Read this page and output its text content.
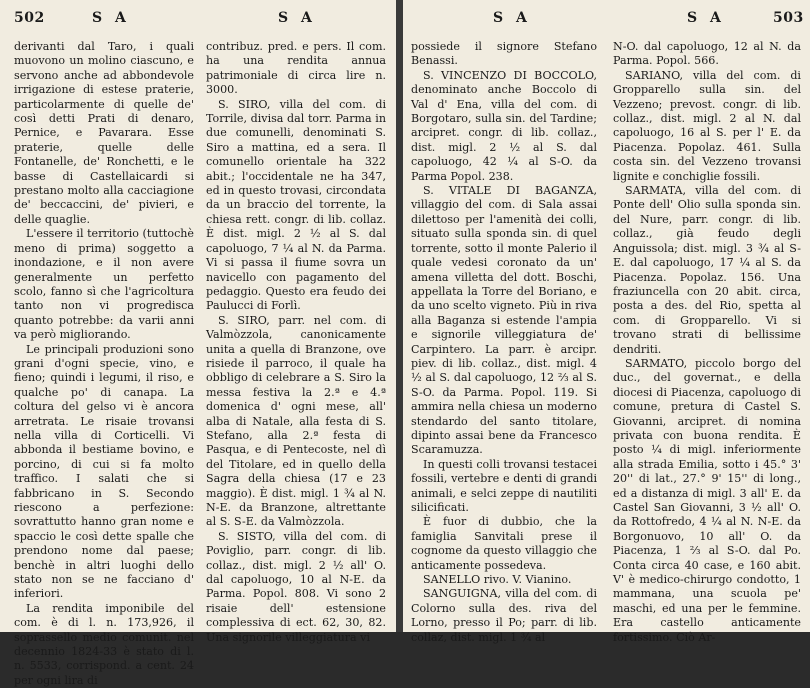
502	S A	S A

derivanti dal Taro, i quali muovono un molino ciascuno, e servono anche ad abbondevole irrigazione di estese praterie, particolarmente di quelle de' così detti Prati di denaro, Pernice, e Pavarara. Esse praterie, quelle delle Fontanelle, de' Ronchetti, e le basse di Castellaicardi si prestano molto alla cacciagione de' beccaccini, de' pivieri, e delle quaglie.

L'essere il territorio (tuttochè meno di prima) soggetto a inondazione, e il non avere generalmente un perfetto scolo, fanno sì che l'agricoltura tanto non vi progredisca quanto potrebbe: da varii anni va però migliorando.

Le principali produzioni sono grani d'ogni specie, vino, e fieno; quindi i legumi, il riso, e qualche po' di canapa. La coltura del gelso vi è ancora arretrata. Le risaie trovansi nella villa di Corticelli. Vi abbonda il bestiame bovino, e porcino, di cui si fa molto traffico. I salati che si fabbricano in S. Secondo riescono a perfezione: sovrattutto hanno gran nome e spaccio le così dette spalle che prendono nome dal paese; benchè in altri luoghi dello stato non se ne facciano d' inferiori.

La rendita imponibile del com. è di l. n. 173,926, il soprassello medio comunit. nel decennio 1824-33 è stato di l. n. 5533, corrispond. a cent. 24 per ogni lira di

contribuz. pred. e pers. Il com. ha una rendita annua patrimoniale di circa lire n. 3000.

S. SIRO, villa del com. di Torrile, divisa dal torr. Parma in due comunelli, denominati S. Siro a mattina, ed a sera. Il comunello orientale ha 322 abit.; l'occidentale ne ha 347, ed in questo trovasi, circondata da un braccio del torrente, la chiesa rett. congr. di lib. collaz. È dist. migl. 2 ½ al S. dal capoluogo, 7 ¼ al N. da Parma. Vi si passa il fiume sovra un navicello con pagamento del pedaggio. Questo era feudo dei Paulucci di Forlì.

S. SIRO, parr. nel com. di Valmòzzola, canonicamente unita a quella di Branzone, ove risiede il parroco, il quale ha obbligo di celebrare a S. Siro la messa festiva la 2.ª e 4.ª domenica d' ogni mese, all' alba di Natale, alla festa di S. Stefano, alla 2.ª festa di Pasqua, e di Pentecoste, nel dì del Titolare, ed in quello della Sagra della chiesa (17 e 23 maggio). È dist. migl. 1 ¾ al N. N-E. da Branzone, altrettante al S. S-E. da Valmòzzola.

S. SISTO, villa del com. di Poviglio, parr. congr. di lib. collaz., dist. migl. 2 ½ all' O. dal capoluogo, 10 al N-E. da Parma. Popol. 808. Vi sono 2 risaie dell' estensione complessiva di ect. 62, 30, 82. Una signorile villeggiatura vi

S A	S A	503

possiede il signore Stefano Benassi.

S. VINCENZO DI BOCCOLO, denominato anche Boccolo di Val d' Ena, villa del com. di Borgotaro, sulla sin. del Tardine; arcipret. congr. di lib. collaz., dist. migl. 2 ½ al S. dal capoluogo, 42 ¼ al S-O. da Parma Popol. 238.

S. VITALE DI BAGANZA, villaggio del com. di Sala assai dilettoso per l'amenità dei colli, situato sulla sponda sin. di quel torrente, sotto il monte Palerio il quale vedesi coronato da un' amena villetta del dott. Boschi, appellata la Torre del Boriano, e da uno scelto vigneto. Più in riva alla Baganza si estende l'ampia e signorile villeggiatura de' Carpintero. La parr. è arcipr. piev. di lib. collaz., dist. migl. 4 ½ al S. dal capoluogo, 12 ⅔ al S. S-O. da Parma. Popol. 119. Si ammira nella chiesa un moderno stendardo del santo titolare, dipinto assai bene da Francesco Scaramuzza.

In questi colli trovansi testacei fossili, vertebre e denti di grandi animali, e selci zeppe di nautiliti silicificati.

È fuor di dubbio, che la famiglia Sanvitali prese il cognome da questo villaggio che anticamente possedeva.

SANELLO rivo. V. Vianino.

SANGUIGNA, villa del com. di Colorno sulla des. riva del Lorno, presso il Po; parr. di lib. collaz, dist. migl. 1 ¾ al

N-O. dal capoluogo, 12 al N. da Parma. Popol. 566.

SARIANO, villa del com. di Gropparello sulla sin. del Vezzeno; prevost. congr. di lib. collaz., dist. migl. 2 al N. dal capoluogo, 16 al S. per l' E. da Piacenza. Popolaz. 461. Sulla costa sin. del Vezzeno trovansi lignite e conchiglie fossili.

SARMATA, villa del com. di Ponte dell' Olio sulla sponda sin. del Nure, parr. congr. di lib. collaz., già feudo degli Anguissola; dist. migl. 3 ¾ al S-E. dal capoluogo, 17 ¼ al S. da Piacenza. Popolaz. 156. Una fraziuncella con 20 abit. circa, posta a des. del Rio, spetta al com. di Gropparello. Vi si trovano strati di bellissime dendriti.

SARMATO, piccolo borgo del duc., del governat., e della diocesi di Piacenza, capoluogo di comune, pretura di Castel S. Giovanni, arcipret. di nomina privata con buona rendita. È posto ¼ di migl. inferiormente alla strada Emilia, sotto i 45.° 3' 20'' di lat., 27.° 9' 15'' di long., ed a distanza di migl. 3 all' E. da Castel San Giovanni, 3 ½ all' O. da Rottofredo, 4 ¼ al N. N-E. da Borgonuovo, 10 all' O. da Piacenza, 1 ⅔ al S-O. dal Po. Conta circa 40 case, e 160 abit. V' è medico-chirurgo condotto, 1 mammana, una scuola pe' maschi, ed una per le femmine. Era castello anticamente fortissimo. Ciò Ar-
